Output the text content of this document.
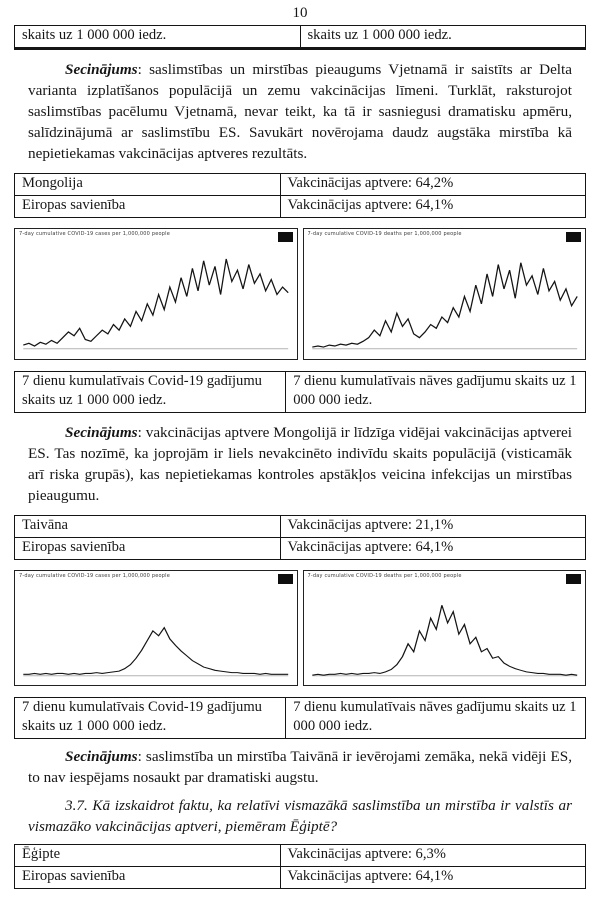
10
skaits uz 1 000 000 iedz.	skaits uz 1 000 000 iedz.

Secinājums: saslimstības un mirstības pieaugums Vjetnamā ir saistīts ar Delta varianta izplatīšanos populācijā un zemu vakcinācijas līmeni. Turklāt, raksturojot saslimstības pacēlumu Vjetnamā, nevar teikt, ka tā ir sasniegusi dramatisku apmēru, salīdzinājumā ar saslimstību ES. Savukārt novērojama daudz augstāka mirstība kā nepietiekamas vakcinācijas aptveres rezultāts.

Mongolija	Vakcinācijas aptvere: 64,2%
Eiropas savienība	Vakcinācijas aptvere: 64,1%
7-day cumulative COVID-19 cases per 1,000,000 people	7-day cumulative COVID-19 deaths per 1,000,000 people
7 dienu kumulatīvais Covid-19 gadījumu skaits uz 1 000 000 iedz.	7 dienu kumulatīvais nāves gadījumu skaits uz 1 000 000 iedz.

Secinājums: vakcinācijas aptvere Mongolijā ir līdzīga vidējai vakcinācijas aptverei ES. Tas nozīmē, ka joprojām ir liels nevakcinēto indivīdu skaits populācijā (visticamāk arī riska grupās), kas nepietiekamas kontroles apstākļos veicina infekcijas un mirstības pieaugumu.

Taivāna	Vakcinācijas aptvere: 21,1%
Eiropas savienība	Vakcinācijas aptvere: 64,1%
7-day cumulative COVID-19 cases per 1,000,000 people	7-day cumulative COVID-19 deaths per 1,000,000 people
7 dienu kumulatīvais Covid-19 gadījumu skaits uz 1 000 000 iedz.	7 dienu kumulatīvais nāves gadījumu skaits uz 1 000 000 iedz.

Secinājums: saslimstība un mirstība Taivānā ir ievērojami zemāka, nekā vidēji ES, to nav iespējams nosaukt par dramatiski augstu.

3.7. Kā izskaidrot faktu, ka relatīvi vismazākā saslimstība un mirstība ir valstīs ar vismazāko vakcinācijas aptveri, piemēram Ēģiptē?

Ēģipte	Vakcinācijas aptvere: 6,3%
Eiropas savienība	Vakcinācijas aptvere: 64,1%
